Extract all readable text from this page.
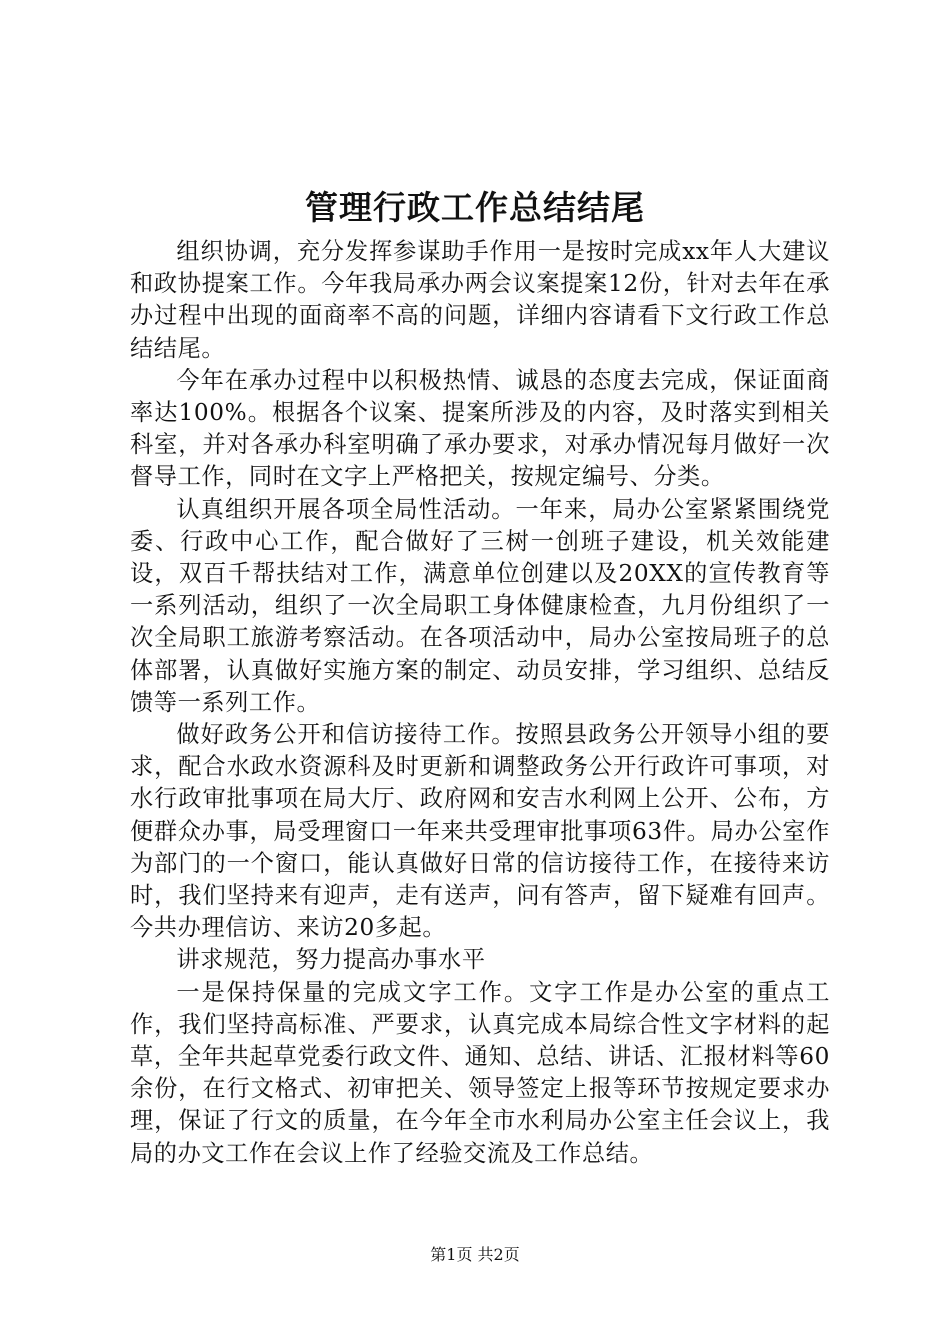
管理行政工作总结结尾

组织协调，充分发挥参谋助手作用一是按时完成xx年人大建议和政协提案工作。今年我局承办两会议案提案12份，针对去年在承办过程中出现的面商率不高的问题，详细内容请看下文行政工作总结结尾。

今年在承办过程中以积极热情、诚恳的态度去完成，保证面商率达100%。根据各个议案、提案所涉及的内容，及时落实到相关科室，并对各承办科室明确了承办要求，对承办情况每月做好一次督导工作，同时在文字上严格把关，按规定编号、分类。

认真组织开展各项全局性活动。一年来，局办公室紧紧围绕党委、行政中心工作，配合做好了三树一创班子建设，机关效能建设，双百千帮扶结对工作，满意单位创建以及20XX的宣传教育等一系列活动，组织了一次全局职工身体健康检查，九月份组织了一次全局职工旅游考察活动。在各项活动中，局办公室按局班子的总体部署，认真做好实施方案的制定、动员安排，学习组织、总结反馈等一系列工作。

做好政务公开和信访接待工作。按照县政务公开领导小组的要求，配合水政水资源科及时更新和调整政务公开行政许可事项，对水行政审批事项在局大厅、政府网和安吉水利网上公开、公布，方便群众办事，局受理窗口一年来共受理审批事项63件。局办公室作为部门的一个窗口，能认真做好日常的信访接待工作，在接待来访时，我们坚持来有迎声，走有送声，问有答声，留下疑难有回声。今共办理信访、来访20多起。

讲求规范，努力提高办事水平

一是保持保量的完成文字工作。文字工作是办公室的重点工作，我们坚持高标准、严要求，认真完成本局综合性文字材料的起草，全年共起草党委行政文件、通知、总结、讲话、汇报材料等60余份，在行文格式、初审把关、领导签定上报等环节按规定要求办理，保证了行文的质量，在今年全市水利局办公室主任会议上，我局的办文工作在会议上作了经验交流及工作总结。

第1页 共2页
